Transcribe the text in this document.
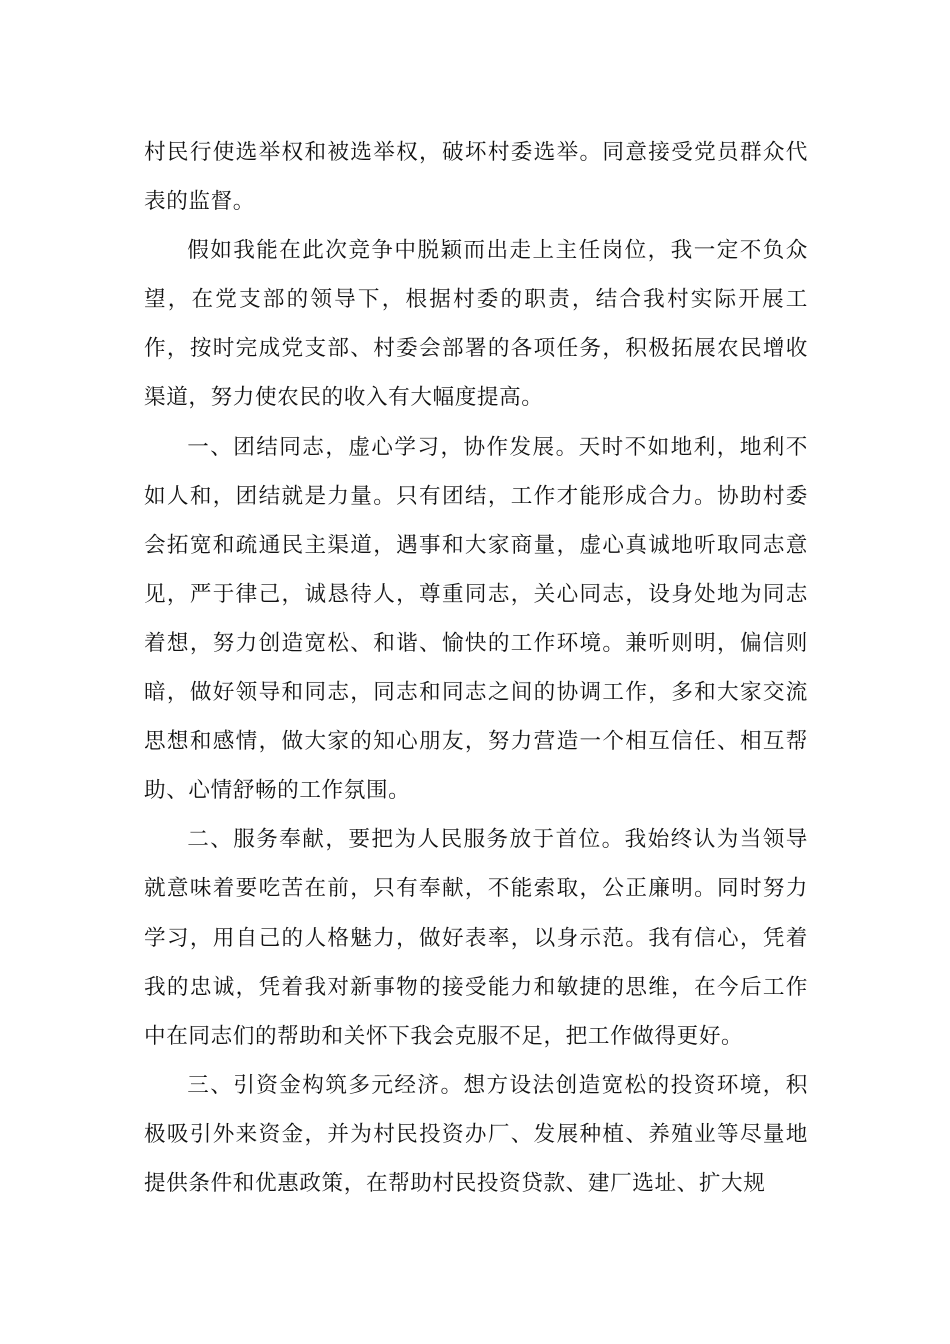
村民行使选举权和被选举权，破坏村委选举。同意接受党员群众代表的监督。

假如我能在此次竞争中脱颖而出走上主任岗位，我一定不负众望，在党支部的领导下，根据村委的职责，结合我村实际开展工作，按时完成党支部、村委会部署的各项任务，积极拓展农民增收渠道，努力使农民的收入有大幅度提高。

一、团结同志，虚心学习，协作发展。天时不如地利，地利不如人和，团结就是力量。只有团结，工作才能形成合力。协助村委会拓宽和疏通民主渠道，遇事和大家商量，虚心真诚地听取同志意见，严于律己，诚恳待人，尊重同志，关心同志，设身处地为同志着想，努力创造宽松、和谐、愉快的工作环境。兼听则明，偏信则暗，做好领导和同志，同志和同志之间的协调工作，多和大家交流思想和感情，做大家的知心朋友，努力营造一个相互信任、相互帮助、心情舒畅的工作氛围。

二、服务奉献，要把为人民服务放于首位。我始终认为当领导就意味着要吃苦在前，只有奉献，不能索取，公正廉明。同时努力学习，用自己的人格魅力，做好表率，以身示范。我有信心，凭着我的忠诚，凭着我对新事物的接受能力和敏捷的思维，在今后工作中在同志们的帮助和关怀下我会克服不足，把工作做得更好。

三、引资金构筑多元经济。想方设法创造宽松的投资环境，积极吸引外来资金，并为村民投资办厂、发展种植、养殖业等尽量地提供条件和优惠政策，在帮助村民投资贷款、建厂选址、扩大规
